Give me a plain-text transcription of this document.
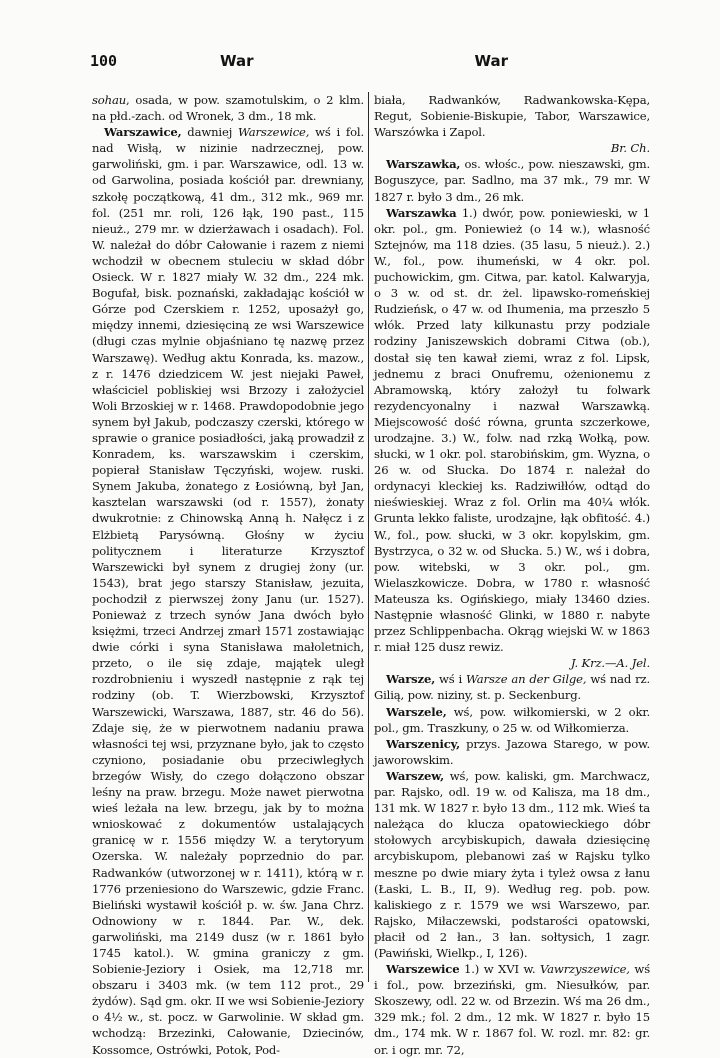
100	War	War

sohau, osada, w pow. szamotulskim, o 2 klm. na płd.-zach. od Wronek, 3 dm., 18 mk.

Warszawice, dawniej Warszewice, wś i fol. nad Wisłą, w nizinie nadrzecznej, pow. garwoliński, gm. i par. Warszawice, odl. 13 w. od Garwolina, posiada kościół par. drewniany, szkołę początkową, 41 dm., 312 mk., 969 mr. fol. (251 mr. roli, 126 łąk, 190 past., 115 nieuż., 279 mr. w dzierżawach i osadach). Fol. W. należał do dóbr Całowanie i razem z niemi wchodził w obecnem stuleciu w skład dóbr Osieck. W r. 1827 miały W. 32 dm., 224 mk. Bogufał, bisk. poznański, zakładając kościół w Górze pod Czerskiem r. 1252, uposażył go, między innemi, dziesięciną ze wsi Warszewice (długi czas mylnie objaśniano tę nazwę przez Warszawę). Według aktu Konrada, ks. mazow., z r. 1476 dziedzicem W. jest niejaki Paweł, właściciel pobliskiej wsi Brzozy i założyciel Woli Brzoskiej w r. 1468. Prawdopodobnie jego synem był Jakub, podczaszy czerski, którego w sprawie o granice posiadłości, jaką prowadził z Konradem, ks. warszawskim i czerskim, popierał Stanisław Tęczyński, wojew. ruski. Synem Jakuba, żonatego z Łosiówną, był Jan, kasztelan warszawski (od r. 1557), żonaty dwukrotnie: z Chinowską Anną h. Nałęcz i z Elżbietą Parysówną. Głośny w życiu politycznem i literaturze Krzysztof Warszewicki był synem z drugiej żony (ur. 1543), brat jego starszy Stanisław, jezuita, pochodził z pierwszej żony Janu (ur. 1527). Ponieważ z trzech synów Jana dwóch było księżmi, trzeci Andrzej zmarł 1571 zostawiając dwie córki i syna Stanisława małoletnich, przeto, o ile się zdaje, majątek uległ rozdrobnieniu i wyszedł następnie z rąk tej rodziny (ob. T. Wierzbowski, Krzysztof Warszewicki, Warszawa, 1887, str. 46 do 56). Zdaje się, że w pierwotnem nadaniu prawa własności tej wsi, przyznane było, jak to często czyniono, posiadanie obu przeciwległych brzegów Wisły, do czego dołączono obszar leśny na praw. brzegu. Może nawet pierwotna wieś leżała na lew. brzegu, jak by to można wnioskować z dokumentów ustalających granicę w r. 1556 między W. a terytoryum Ozerska. W. należały poprzednio do par. Radwanków (utworzonej w r. 1411), którą w r. 1776 przeniesiono do Warszewic, gdzie Franc. Bieliński wystawił kościół p. w. św. Jana Chrz. Odnowiony w r. 1844. Par. W., dek. garwoliński, ma 2149 dusz (w r. 1861 było 1745 katol.). W. gmina graniczy z gm. Sobienie-Jeziory i Osiek, ma 12,718 mr. obszaru i 3403 mk. (w tem 112 prot., 29 żydów). Sąd gm. okr. II we wsi Sobienie-Jeziory o 4½ w., st. pocz. w Garwolinie. W skład gm. wchodzą: Brzezinki, Całowanie, Dziecinów, Kossomce, Ostrówki, Potok, Pod-

biała, Radwanków, Radwankowska-Kępa, Regut, Sobienie-Biskupie, Tabor, Warszawice, Warszówka i Zapol.
Br. Ch.

Warszawka, os. włośc., pow. nieszawski, gm. Boguszyce, par. Sadlno, ma 37 mk., 79 mr. W 1827 r. było 3 dm., 26 mk.

Warszawka 1.) dwór, pow. poniewieski, w 1 okr. pol., gm. Poniewież (o 14 w.), własność Sztejnów, ma 118 dzies. (35 lasu, 5 nieuż.). 2.) W., fol., pow. ihumeński, w 4 okr. pol. puchowickim, gm. Citwa, par. katol. Kalwaryja, o 3 w. od st. dr. żel. lipawsko-romeńskiej Rudzieńsk, o 47 w. od Ihumenia, ma przeszło 5 włók. Przed laty kilkunastu przy podziale rodziny Janiszewskich dobrami Citwa (ob.), dostał się ten kawał ziemi, wraz z fol. Lipsk, jednemu z braci Onufremu, ożenionemu z Abramowską, który założył tu folwark rezydencyonalny i nazwał Warszawką. Miejscowość dość równa, grunta szczerkowe, urodzajne. 3.) W., folw. nad rzką Wołką, pow. słucki, w 1 okr. pol. starobińskim, gm. Wyzna, o 26 w. od Słucka. Do 1874 r. należał do ordynacyi kleckiej ks. Radziwiłłów, odtąd do nieświeskiej. Wraz z fol. Orlin ma 40¼ włók. Grunta lekko faliste, urodzajne, łąk obfitość. 4.) W., fol., pow. słucki, w 3 okr. kopylskim, gm. Bystrzyca, o 32 w. od Słucka. 5.) W., wś i dobra, pow. witebski, w 3 okr. pol., gm. Wielaszkowicze. Dobra, w 1780 r. własność Mateusza ks. Ogińskiego, miały 13460 dzies. Następnie własność Glinki, w 1880 r. nabyte przez Schlippenbacha. Okrąg wiejski W. w 1863 r. miał 125 dusz rewiz.
J. Krz.—A. Jel.

Warsze, wś i Warsze an der Gilge, wś nad rz. Gilią, pow. niziny, st. p. Seckenburg.

Warszele, wś, pow. wiłkomierski, w 2 okr. pol., gm. Traszkuny, o 25 w. od Wiłkomierza.

Warszenicy, przys. Jazowa Starego, w pow. jaworowskim.

Warszew, wś, pow. kaliski, gm. Marchwacz, par. Rajsko, odl. 19 w. od Kalisza, ma 18 dm., 131 mk. W 1827 r. było 13 dm., 112 mk. Wieś ta należąca do klucza opatowieckiego dóbr stołowych arcybiskupich, dawała dziesięcinę arcybiskupom, plebanowi zaś w Rajsku tylko meszne po dwie miary żyta i tyleż owsa z łanu (Łaski, L. B., II, 9). Według reg. pob. pow. kaliskiego z r. 1579 we wsi Warszewo, par. Rajsko, Miłaczewski, podstarości opatowski, płacił od 2 łan., 3 łan. sołtysich, 1 zagr. (Pawiński, Wielkp., I, 126).

Warszewice 1.) w XVI w. Vawrzyszewice, wś i fol., pow. brzeziński, gm. Niesułków, par. Skoszewy, odl. 22 w. od Brzezin. Wś ma 26 dm., 329 mk.; fol. 2 dm., 12 mk. W 1827 r. było 15 dm., 174 mk. W r. 1867 fol. W. rozl. mr. 82: gr. or. i ogr. mr. 72,
